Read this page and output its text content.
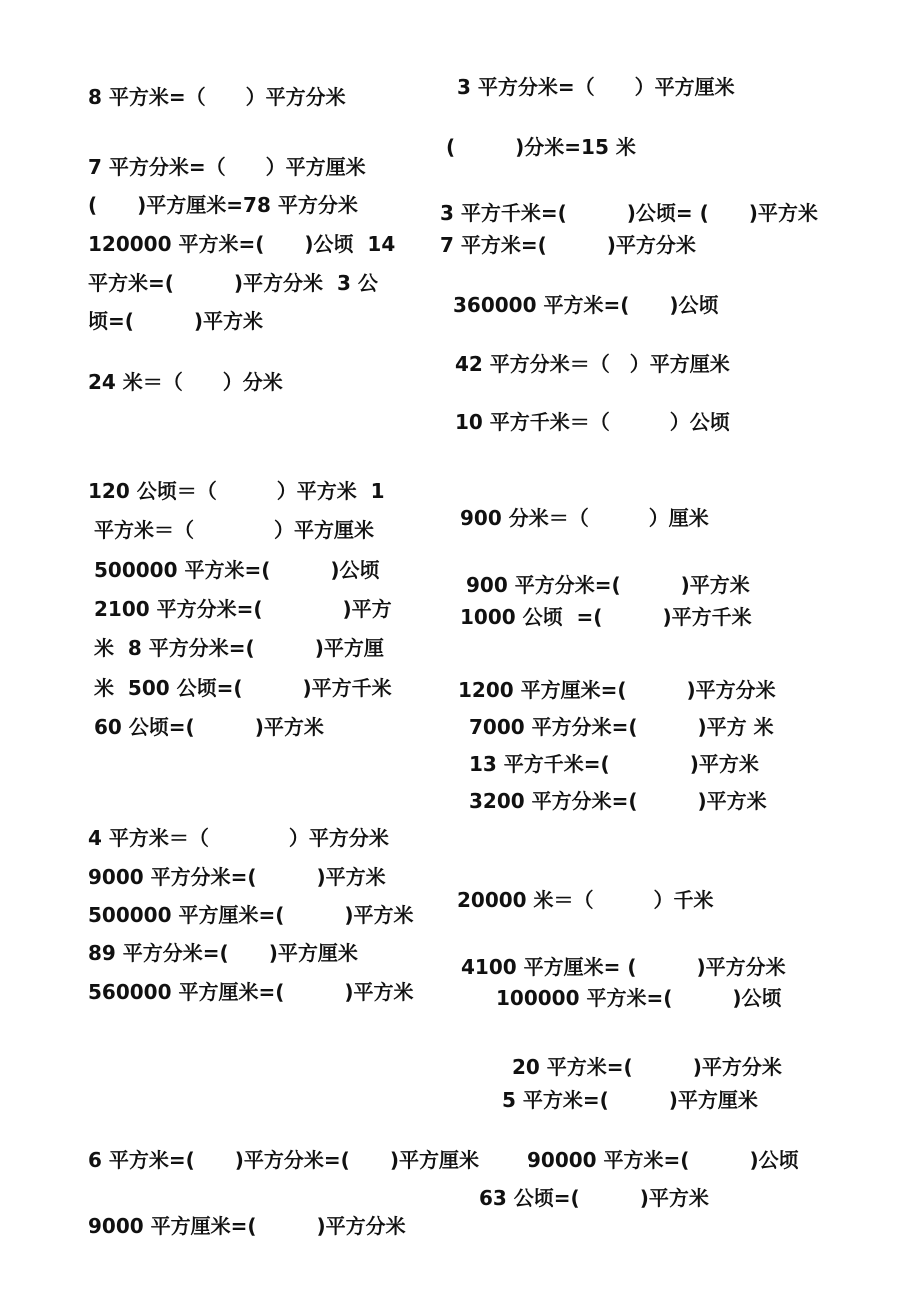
8 平方米=（　　）平方分米
7 平方分米=（　　）平方厘米
(　　)平方厘米=78 平方分米
120000 平方米=(　　)公顷  14
平方米=(　　　)平方分米  3 公
顷=(　　　)平方米
24 米＝（　　）分米
120 公顷＝（　　　）平方米  1
平方米＝（　　　　）平方厘米
500000 平方米=(　　　)公顷
2100 平方分米=(　　　　)平方
米  8 平方分米=(　　　)平方厘
米  500 公顷=(　　　)平方千米
60 公顷=(　　　)平方米
4 平方米＝（　　　　）平方分米
9000 平方分米=(　　　)平方米
500000 平方厘米=(　　　)平方米
89 平方分米=(　　)平方厘米
560000 平方厘米=(　　　)平方米
3 平方分米=（　　）平方厘米
(　　　)分米=15 米
3 平方千米=(　　　)公顷= (　　)平方米
7 平方米=(　　　)平方分米
360000 平方米=(　　)公顷
42 平方分米＝（　）平方厘米
10 平方千米＝（　　　）公顷
900 分米＝（　　　）厘米
900 平方分米=(　　　)平方米
1000 公顷  =(　　　)平方千米
1200 平方厘米=(　　　)平方分米
7000 平方分米=(　　　)平方 米
13 平方千米=(　　　　)平方米
3200 平方分米=(　　　)平方米
20000 米＝（　　　）千米
4100 平方厘米= (　　　)平方分米
100000 平方米=(　　　)公顷
20 平方米=(　　　)平方分米
5 平方米=(　　　)平方厘米
6 平方米=(　　)平方分米=(　　)平方厘米 90000 平方米=(　　　)公顷
63 公顷=(　　　)平方米
9000 平方厘米=(　　　)平方分米
